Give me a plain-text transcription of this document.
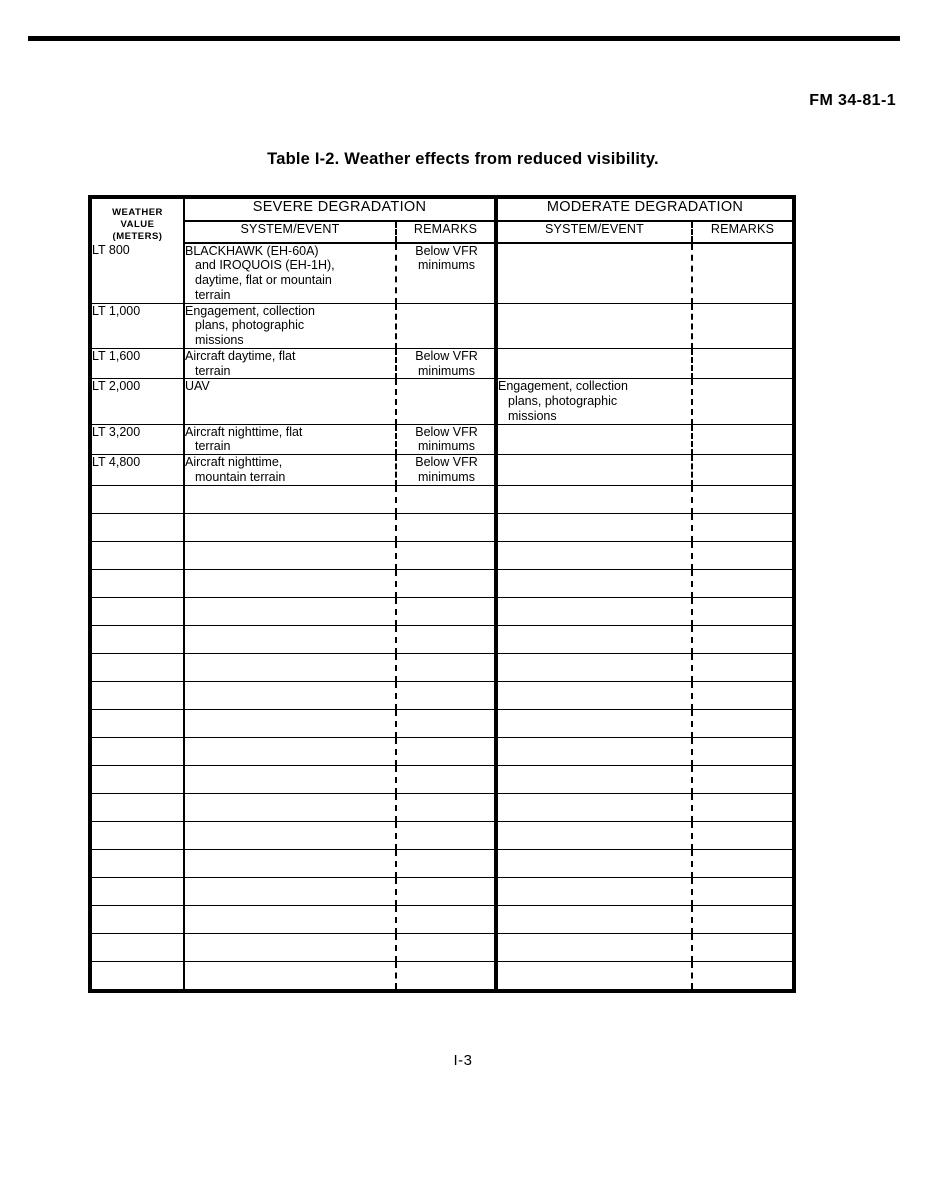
FM 34-81-1
Table I-2. Weather effects from reduced visibility.
WEATHER
VALUE
(METERS)	SEVERE DEGRADATION		MODERATE DEGRADATION	
	SYSTEM/EVENT	REMARKS	SYSTEM/EVENT	REMARKS
LT 800	BLACKHAWK (EH-60A)
and IROQUOIS (EH-1H),
daytime, flat or mountain
terrain	Below VFR
minimums		

LT 1,000	Engagement, collection
plans, photographic
missions			

LT 1,600	Aircraft daytime, flat
terrain	Below VFR
minimums		

LT 2,000	UAV		Engagement, collection
plans, photographic
missions	

LT 3,200	Aircraft nighttime, flat
terrain	Below VFR
minimums		

LT 4,800	Aircraft nighttime,
mountain terrain	Below VFR
minimums		

I-3
